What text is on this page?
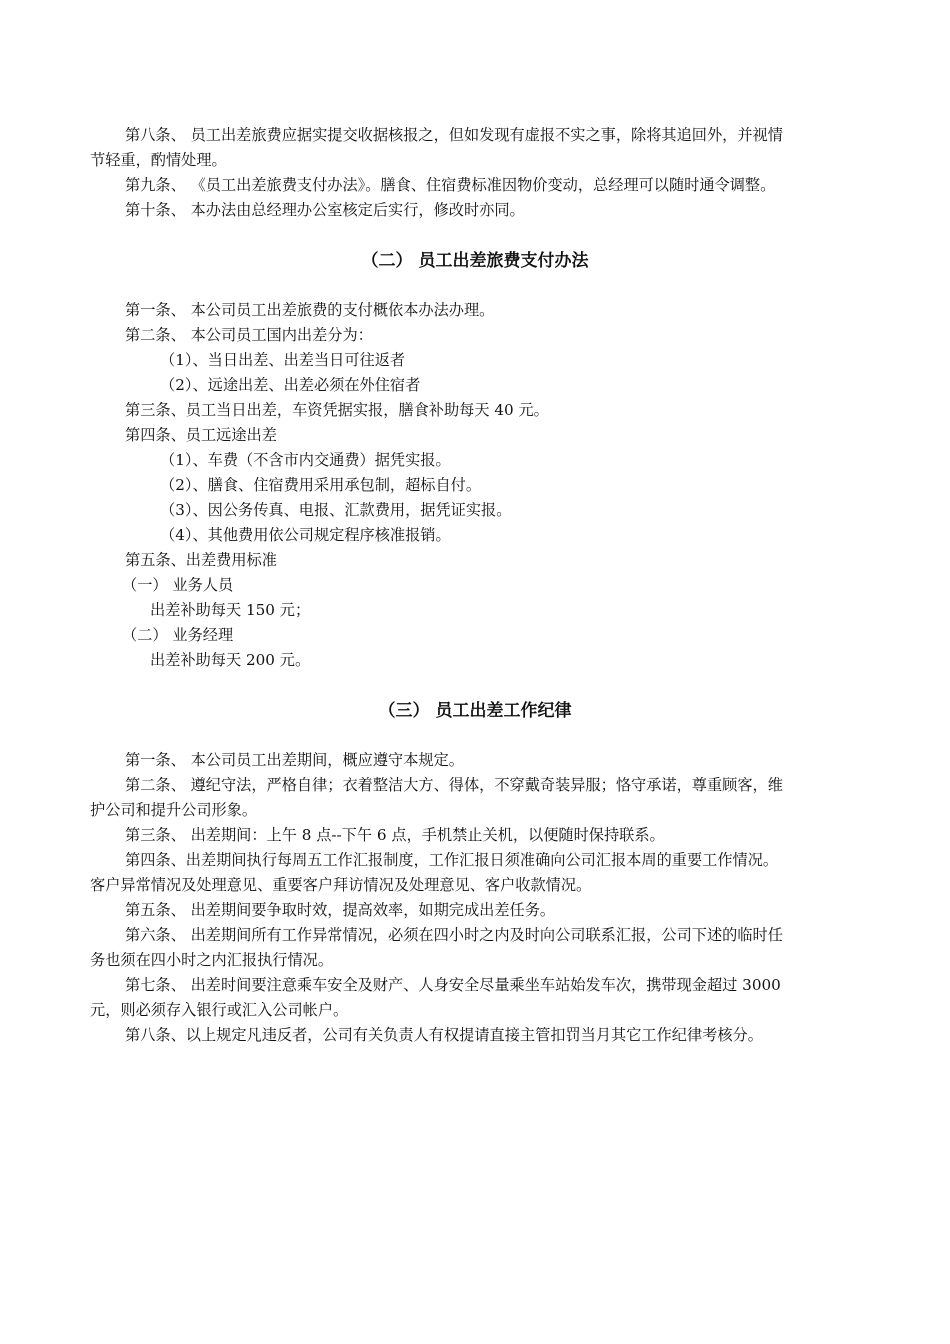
第八条、 员工出差旅费应据实提交收据核报之，但如发现有虚报不实之事，除将其追回外，并视情
节轻重，酌情处理。
第九条、 《员工出差旅费支付办法》。膳食、住宿费标准因物价变动，总经理可以随时通令调整。
第十条、 本办法由总经理办公室核定后实行，修改时亦同。
（二） 员工出差旅费支付办法
第一条、 本公司员工出差旅费的支付概依本办法办理。
第二条、 本公司员工国内出差分为：
（1）、当日出差、出差当日可往返者
（2）、远途出差、出差必须在外住宿者
第三条、员工当日出差，车资凭据实报，膳食补助每天 40 元。
第四条、员工远途出差
（1）、车费（不含市内交通费）据凭实报。
（2）、膳食、住宿费用采用承包制，超标自付。
（3）、因公务传真、电报、汇款费用，据凭证实报。
（4）、其他费用依公司规定程序核准报销。
第五条、出差费用标准
（一） 业务人员
出差补助每天 150 元；
（二） 业务经理
出差补助每天 200 元。
（三） 员工出差工作纪律
第一条、 本公司员工出差期间，概应遵守本规定。
第二条、 遵纪守法，严格自律；衣着整洁大方、得体，不穿戴奇装异服；恪守承诺，尊重顾客，维
护公司和提升公司形象。
第三条、 出差期间：上午 8 点--下午 6 点，手机禁止关机，以便随时保持联系。
第四条、出差期间执行每周五工作汇报制度，工作汇报日须准确向公司汇报本周的重要工作情况。
客户异常情况及处理意见、重要客户拜访情况及处理意见、客户收款情况。
第五条、 出差期间要争取时效，提高效率，如期完成出差任务。
第六条、 出差期间所有工作异常情况，必须在四小时之内及时向公司联系汇报，公司下述的临时任
务也须在四小时之内汇报执行情况。
第七条、 出差时间要注意乘车安全及财产、人身安全尽量乘坐车站始发车次，携带现金超过 3000
元，则必须存入银行或汇入公司帐户。
第八条、以上规定凡违反者，公司有关负责人有权提请直接主管扣罚当月其它工作纪律考核分。
